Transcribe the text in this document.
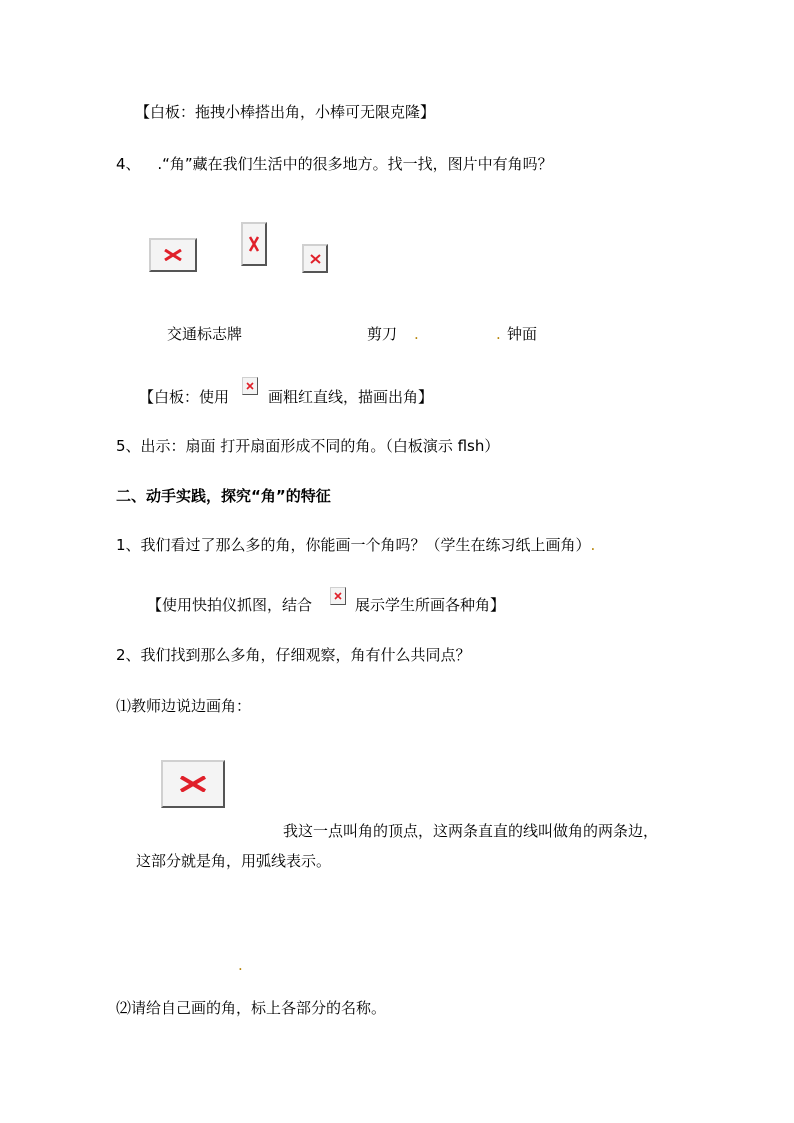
【白板：拖拽小棒搭出角，小棒可无限克隆】
4、 .“角”藏在我们生活中的很多地方。找一找，图片中有角吗？
交通标志牌	剪刀 .	. 钟面
【白板：使用	画粗红直线，描画出角】
5、出示：扇面 打开扇面形成不同的角。（白板演示 flsh）
二、动手实践，探究“角”的特征
1、我们看过了那么多的角，你能画一个角吗？（学生在练习纸上画角）.
【使用快拍仪抓图，结合	展示学生所画各种角】
2、我们找到那么多角，仔细观察，角有什么共同点？
⑴教师边说边画角：
我这一点叫角的顶点，这两条直直的线叫做角的两条边，
这部分就是角，用弧线表示。
.
⑵请给自己画的角，标上各部分的名称。
